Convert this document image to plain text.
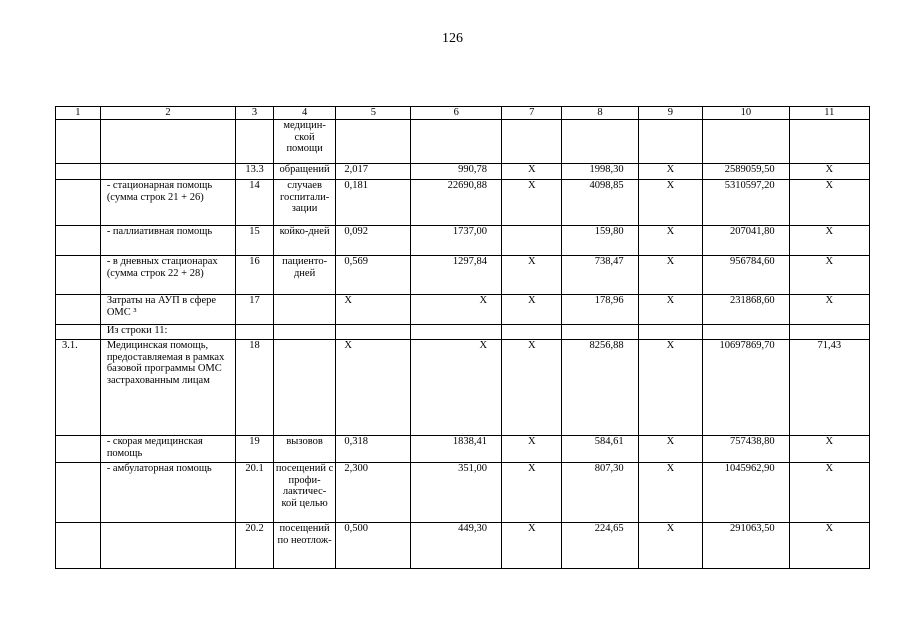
126
1	2	3	4	5	6	7	8	9	10	11
			медицин-ской помощи							
		13.3	обращений	2,017	990,78	Х	1998,30	Х	2589059,50	Х
	- стационарная помощь (сумма строк 21 + 26)	14	случаев госпитали-зации	0,181	22690,88	Х	4098,85	Х	5310597,20	Х
	- паллиативная помощь	15	койко-дней	0,092	1737,00		159,80	Х	207041,80	Х
	- в дневных стационарах (сумма строк 22 + 28)	16	пациенто-дней	0,569	1297,84	Х	738,47	Х	956784,60	Х
	Затраты на АУП в сфере ОМС ³	17		Х	Х	Х	178,96	Х	231868,60	Х
	Из строки 11:									
3.1.	Медицинская помощь, предоставляемая в рамках базовой программы ОМС застрахованным лицам	18		Х	Х	Х	8256,88	Х	10697869,70	71,43
	- скорая медицинская помощь	19	вызовов	0,318	1838,41	Х	584,61	Х	757438,80	Х
	- амбулаторная помощь	20.1	посещений с профи-лактичес-кой целью	2,300	351,00	Х	807,30	Х	1045962,90	Х
		20.2	посещений по неотлож-	0,500	449,30	Х	224,65	Х	291063,50	Х
